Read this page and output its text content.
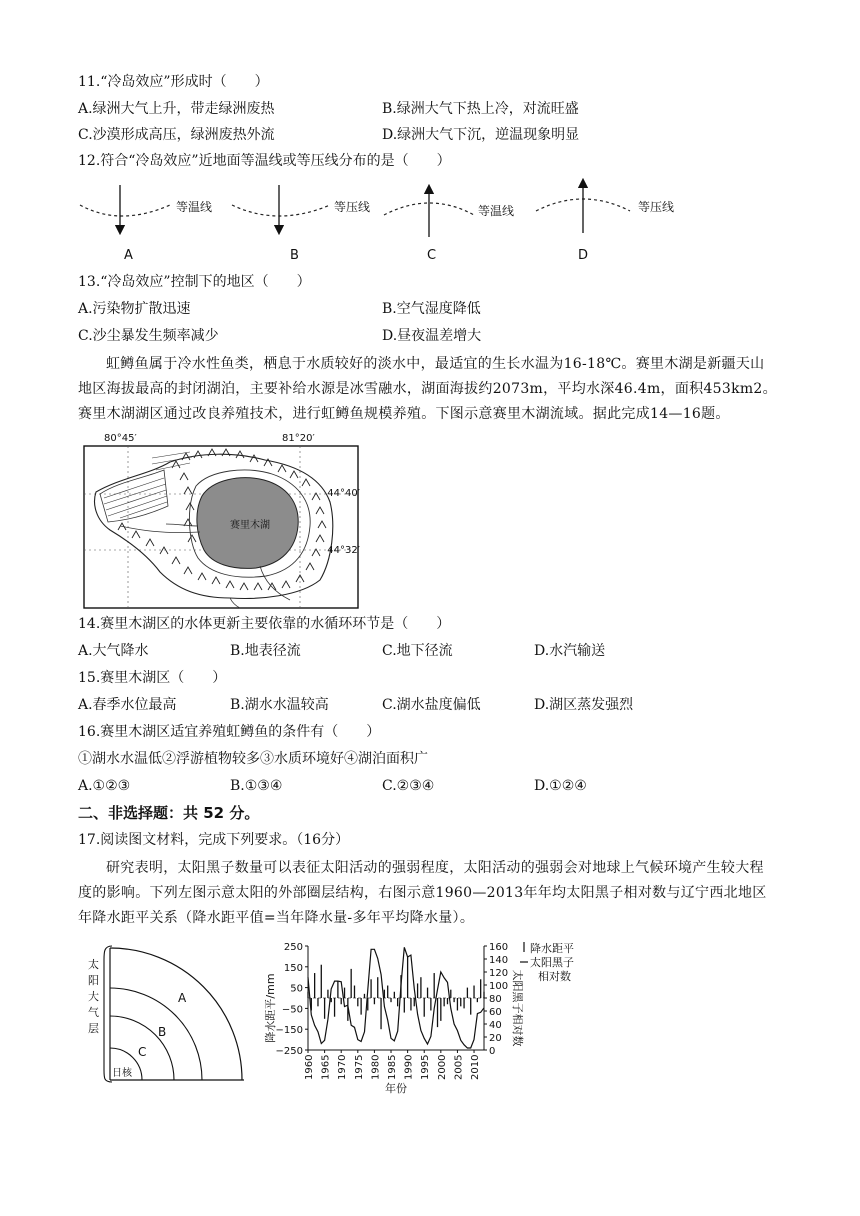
11.“冷岛效应”形成时（　　）
A.绿洲大气上升，带走绿洲废热	B.绿洲大气下热上冷，对流旺盛
C.沙漠形成高压，绿洲废热外流	D.绿洲大气下沉，逆温现象明显
12.符合“冷岛效应”近地面等温线或等压线分布的是（　　）
等温线
A
等压线
B
等温线
C
等压线
D
13.“冷岛效应”控制下的地区（　　）
A.污染物扩散迅速	B.空气湿度降低
C.沙尘暴发生频率减少	D.昼夜温差增大
虹鳟鱼属于冷水性鱼类，栖息于水质较好的淡水中，最适宜的生长水温为16-18℃。赛里木湖是新疆天山地区海拔最高的封闭湖泊，主要补给水源是冰雪融水，湖面海拔约2073m，平均水深46.4m，面积453km2。赛里木湖湖区通过改良养殖技术，进行虹鳟鱼规模养殖。下图示意赛里木湖流域。据此完成14—16题。
80°45′	81°20′
赛里木湖
44°40′
44°32′
14.赛里木湖区的水体更新主要依靠的水循环环节是（　　）
A.大气降水	B.地表径流	C.地下径流	D.水汽输送
15.赛里木湖区（　　）
A.春季水位最高	B.湖水水温较高	C.湖水盐度偏低	D.湖区蒸发强烈
16.赛里木湖区适宜养殖虹鳟鱼的条件有（　　）
①湖水水温低②浮游植物较多③水质环境好④湖泊面积广
A.①②③	B.①③④	C.②③④	D.①②④
二、非选择题：共 52 分。
17.阅读图文材料，完成下列要求。（16分）
研究表明，太阳黑子数量可以表征太阳活动的强弱程度，太阳活动的强弱会对地球上气候环境产生较大程度的影响。下列左图示意太阳的外部圈层结构，右图示意1960—2013年年均太阳黑子相对数与辽宁西北地区年降水距平关系（降水距平值=当年降水量-多年平均降水量）。
太
阳
大
气
层
A
B
C
日核
太阳大气层
降水距平/mm	太阳黑子相对数
年份
降水距平
太阳黑子
相对数
250
150
50
−50
−150
−250
160
140
120
100
80
60
40
20
0
1960 1965 1970 1975 1980 1985 1990 1995 2000 2005 2010
